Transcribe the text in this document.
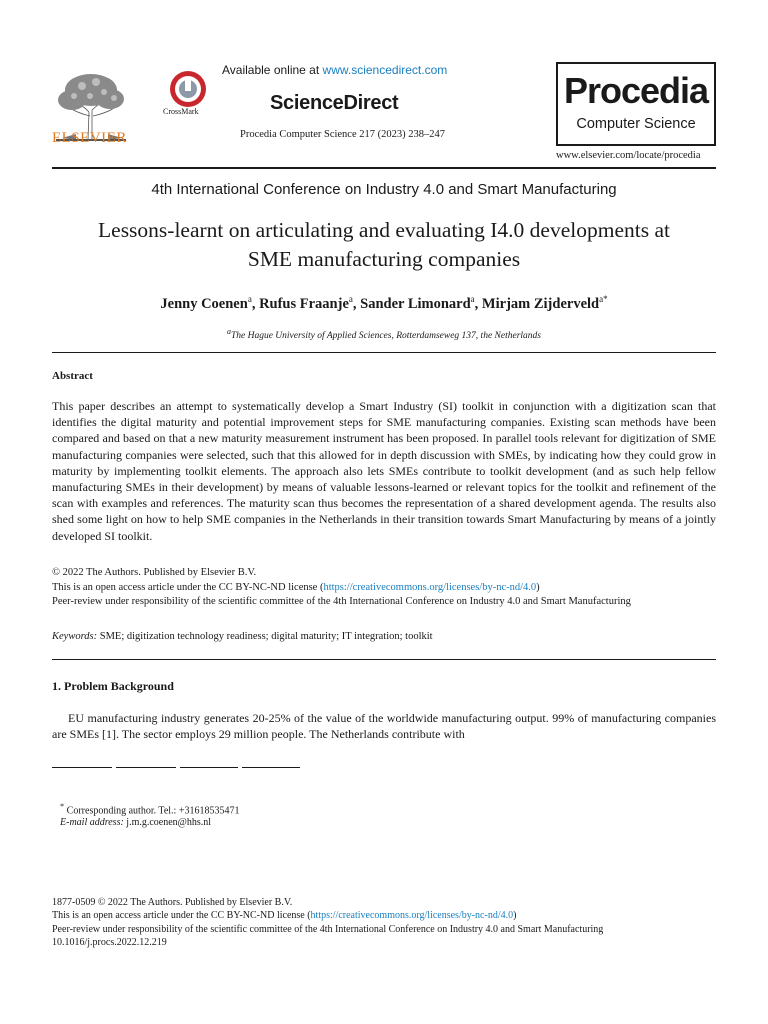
ELSEVIER
CrossMark
Available online at www.sciencedirect.com
ScienceDirect
Procedia Computer Science 217 (2023) 238–247
Procedia
Computer Science
www.elsevier.com/locate/procedia
4th International Conference on Industry 4.0 and Smart Manufacturing
Lessons-learnt on articulating and evaluating I4.0 developments at
SME manufacturing companies
Jenny Coenen$^a$, Rufus Fraanje$^a$, Sander Limonard$^a$, Mirjam Zijderveld$^{a*}$
$^a$The Hague University of Applied Sciences, Rotterdamseweg 137, the Netherlands
Abstract
This paper describes an attempt to systematically develop a Smart Industry (SI) toolkit in conjunction with a digitization scan that identifies the digital maturity and potential improvement steps for SME manufacturing companies. Existing scan methods have been compared and based on that a new maturity measurement instrument has been proposed. In parallel tools relevant for digitization of SME manufacturing companies were selected, such that this allowed for in depth discussion with SMEs, by indicating how they could grow in maturity by implementing toolkit elements. The approach also lets SMEs contribute to toolkit development (and as such help fellow manufacturing SMEs in their development) by means of valuable lessons-learned or relevant topics for the toolkit and refinement of the scan with examples and references. The maturity scan thus becomes the representation of a shared development agenda. The results also shed some light on how to help SME companies in the Netherlands in their transition towards Smart Manufacturing by means of a jointly developed SI toolkit.
© 2022 The Authors. Published by Elsevier B.V.
This is an open access article under the CC BY-NC-ND license (https://creativecommons.org/licenses/by-nc-nd/4.0)
Peer-review under responsibility of the scientific committee of the 4th International Conference on Industry 4.0 and Smart Manufacturing
Keywords: SME; digitization technology readiness; digital maturity; IT integration; toolkit
1. Problem Background
EU manufacturing industry generates 20-25% of the value of the worldwide manufacturing output. 99% of manufacturing companies are SMEs [1]. The sector employs 29 million people. The Netherlands contribute with
* Corresponding author. Tel.: +31618535471
E-mail address: j.m.g.coenen@hhs.nl
1877-0509 © 2022 The Authors. Published by Elsevier B.V.
This is an open access article under the CC BY-NC-ND license (https://creativecommons.org/licenses/by-nc-nd/4.0)
Peer-review under responsibility of the scientific committee of the 4th International Conference on Industry 4.0 and Smart Manufacturing
10.1016/j.procs.2022.12.219
